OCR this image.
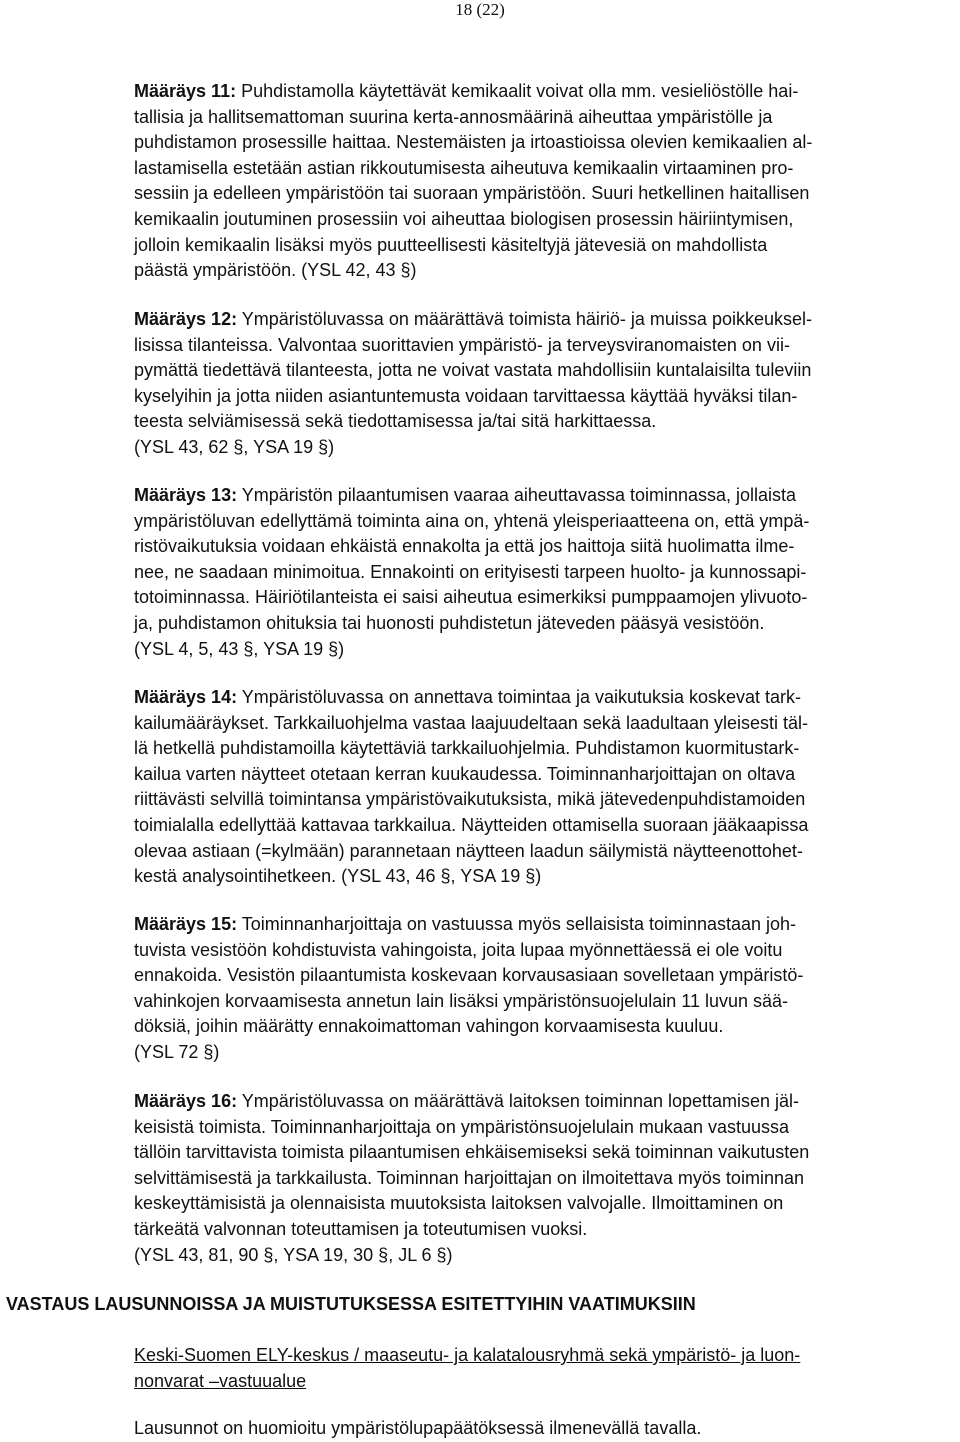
18 (22)

Määräys 11: Puhdistamolla käytettävät kemikaalit voivat olla mm. vesieliöstölle hai-
tallisia ja hallitsemattoman suurina kerta-annosmäärinä aiheuttaa ympäristölle ja
puhdistamon prosessille haittaa. Nestemäisten ja irtoastioissa olevien kemikaalien al-
lastamisella estetään astian rikkoutumisesta aiheutuva kemikaalin virtaaminen pro-
sessiin ja edelleen ympäristöön tai suoraan ympäristöön. Suuri hetkellinen haitallisen
kemikaalin joutuminen prosessiin voi aiheuttaa biologisen prosessin häiriintymisen,
jolloin kemikaalin lisäksi myös puutteellisesti käsiteltyjä jätevesiä on mahdollista
päästä ympäristöön. (YSL 42, 43 §)

Määräys 12: Ympäristöluvassa on määrättävä toimista häiriö- ja muissa poikkeuksel-
lisissa tilanteissa. Valvontaa suorittavien ympäristö- ja terveysviranomaisten on vii-
pymättä tiedettävä tilanteesta, jotta ne voivat vastata mahdollisiin kuntalaisilta tuleviin
kyselyihin ja jotta niiden asiantuntemusta voidaan tarvittaessa käyttää hyväksi tilan-
teesta selviämisessä sekä tiedottamisessa ja/tai sitä harkittaessa.
(YSL 43, 62 §, YSA 19 §)

Määräys 13: Ympäristön pilaantumisen vaaraa aiheuttavassa toiminnassa, jollaista
ympäristöluvan edellyttämä toiminta aina on, yhtenä yleisperiaatteena on, että ympä-
ristövaikutuksia voidaan ehkäistä ennakolta ja että jos haittoja siitä huolimatta ilme-
nee, ne saadaan minimoitua. Ennakointi on erityisesti tarpeen huolto- ja kunnossapi-
totoiminnassa. Häiriötilanteista ei saisi aiheutua esimerkiksi pumppaamojen ylivuoto-
ja, puhdistamon ohituksia tai huonosti puhdistetun jäteveden pääsyä vesistöön.
(YSL 4, 5, 43 §, YSA 19 §)

Määräys 14: Ympäristöluvassa on annettava toimintaa ja vaikutuksia koskevat tark-
kailumääräykset. Tarkkailuohjelma vastaa laajuudeltaan sekä laadultaan yleisesti täl-
lä hetkellä puhdistamoilla käytettäviä tarkkailuohjelmia. Puhdistamon kuormitustark-
kailua varten näytteet otetaan kerran kuukaudessa. Toiminnanharjoittajan on oltava
riittävästi selvillä toimintansa ympäristövaikutuksista, mikä jätevedenpuhdistamoiden
toimialalla edellyttää kattavaa tarkkailua. Näytteiden ottamisella suoraan jääkaapissa
olevaa astiaan (=kylmään) parannetaan näytteen laadun säilymistä näytteenottohet-
kestä analysointihetkeen. (YSL 43, 46 §, YSA 19 §)

Määräys 15: Toiminnanharjoittaja on vastuussa myös sellaisista toiminnastaan joh-
tuvista vesistöön kohdistuvista vahingoista, joita lupaa myönnettäessä ei ole voitu
ennakoida. Vesistön pilaantumista koskevaan korvausasiaan sovelletaan ympäristö-
vahinkojen korvaamisesta annetun lain lisäksi ympäristönsuojelulain 11 luvun sää-
döksiä, joihin määrätty ennakoimattoman vahingon korvaamisesta kuuluu.
(YSL 72 §)

Määräys 16: Ympäristöluvassa on määrättävä laitoksen toiminnan lopettamisen jäl-
keisistä toimista. Toiminnanharjoittaja on ympäristönsuojelulain mukaan vastuussa
tällöin tarvittavista toimista pilaantumisen ehkäisemiseksi sekä toiminnan vaikutusten
selvittämisestä ja tarkkailusta. Toiminnan harjoittajan on ilmoitettava myös toiminnan
keskeyttämisistä ja olennaisista muutoksista laitoksen valvojalle. Ilmoittaminen on
tärkeätä valvonnan toteuttamisen ja toteutumisen vuoksi.
(YSL 43, 81, 90 §, YSA 19, 30 §, JL 6 §)

VASTAUS LAUSUNNOISSA JA MUISTUTUKSESSA ESITETTYIHIN VAATIMUKSIIN

Keski-Suomen ELY-keskus / maaseutu- ja kalatalousryhmä sekä ympäristö- ja luon-
nonvarat –vastuualue

Lausunnot on huomioitu ympäristölupapäätöksessä ilmenevällä tavalla.
